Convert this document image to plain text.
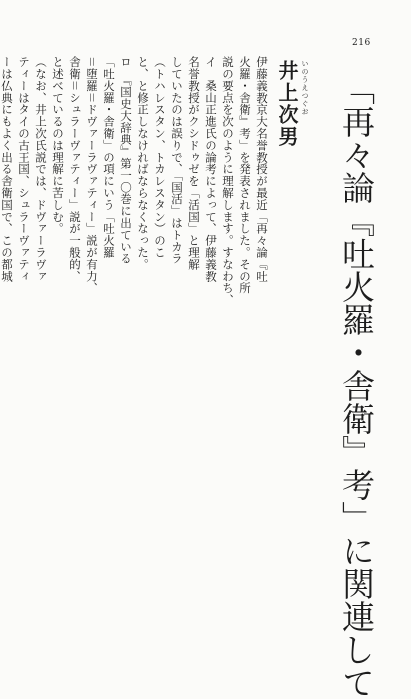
216
「再々論『吐火羅・舎衛』考」に関連して
いのうえつぐお
井上次男
伊藤義教京大名誉教授が最近「再々論『吐
火羅・舎衛』考」を発表されました。その所
説の要点を次のように理解します。すなわち、
イ　桑山正進氏の論考によって、伊藤義教
名誉教授がクシドゥゼを「活国」と理解
していたのは誤りで、「国活」はトカラ
（トハレスタン、トカレスタン）のこ
と、と修正しなければならなくなった。
ロ　『国史大辞典』第一〇巻に出ている
「吐火羅・舎衛」の項にいう「吐火羅
＝堕羅＝ドヴァーラヴァティー」説が有力、
舎衛＝シュラーヴァティー」説が一般的、
と述べているのは理解に苦しむ。
（なお、井上次氏説では、ドヴァーラヴァ
ティーはタイの古王国、シュラーヴァティ
ーは仏典にもよく出る舎衛国で、この都城
